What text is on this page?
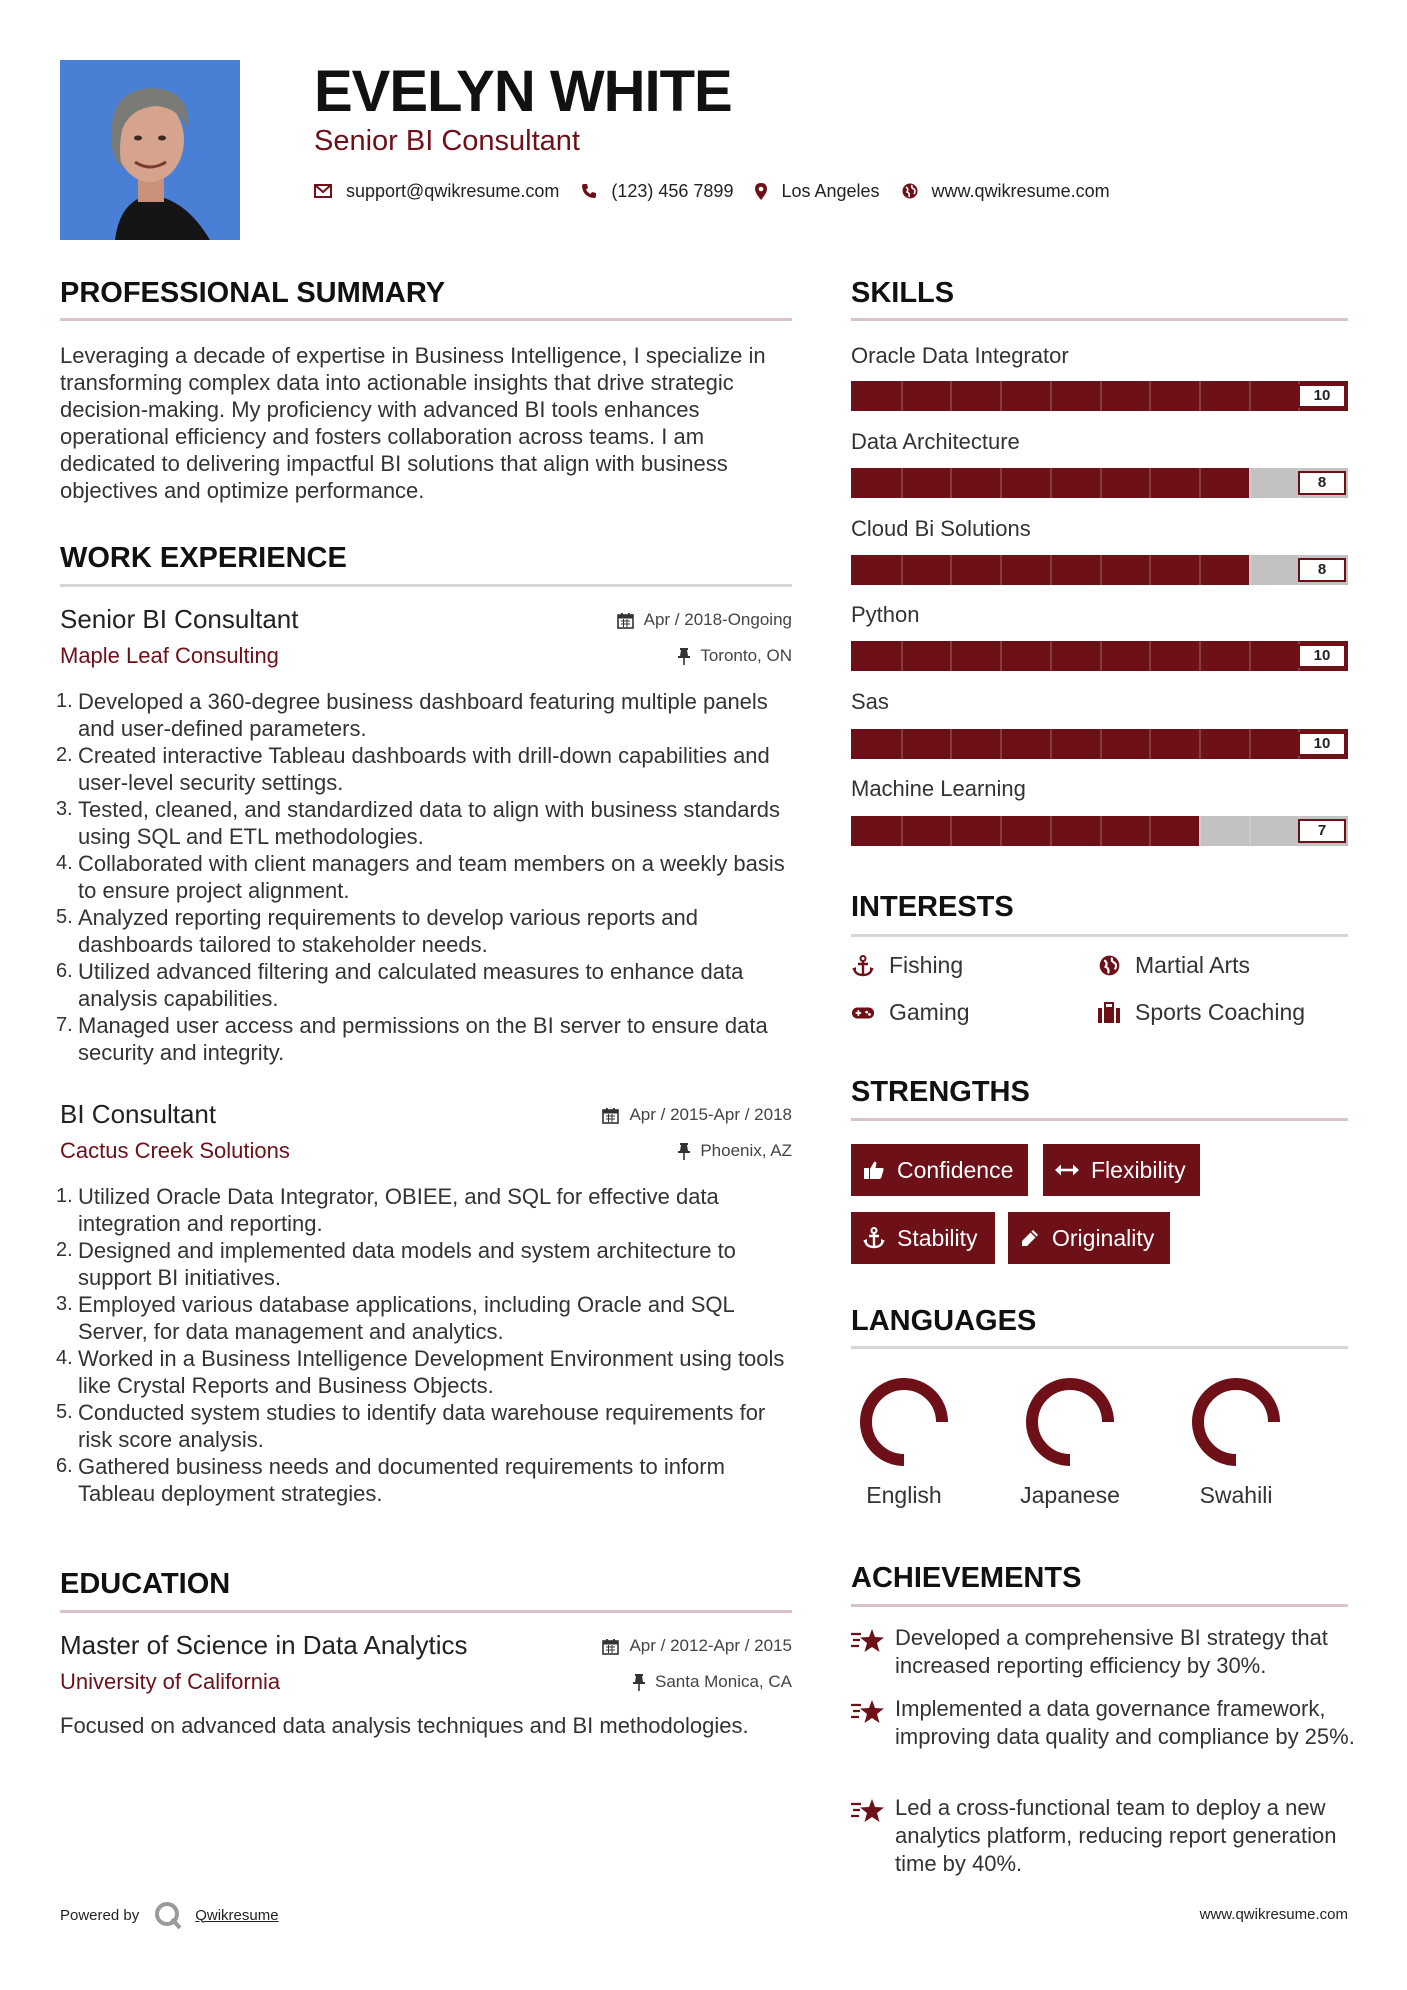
EVELYN WHITE
Senior BI Consultant
support@qwikresume.com	(123) 456 7899	Los Angeles	www.qwikresume.com
PROFESSIONAL SUMMARY
Leveraging a decade of expertise in Business Intelligence, I specialize in transforming complex data into actionable insights that drive strategic decision-making. My proficiency with advanced BI tools enhances operational efficiency and fosters collaboration across teams. I am dedicated to delivering impactful BI solutions that align with business objectives and optimize performance.
WORK EXPERIENCE
Senior BI Consultant
Maple Leaf Consulting
Apr / 2018-Ongoing
Toronto, ON
1. Developed a 360-degree business dashboard featuring multiple panels and user-defined parameters.
2. Created interactive Tableau dashboards with drill-down capabilities and user-level security settings.
3. Tested, cleaned, and standardized data to align with business standards using SQL and ETL methodologies.
4. Collaborated with client managers and team members on a weekly basis to ensure project alignment.
5. Analyzed reporting requirements to develop various reports and dashboards tailored to stakeholder needs.
6. Utilized advanced filtering and calculated measures to enhance data analysis capabilities.
7. Managed user access and permissions on the BI server to ensure data security and integrity.
BI Consultant
Cactus Creek Solutions
Apr / 2015-Apr / 2018
Phoenix, AZ
1. Utilized Oracle Data Integrator, OBIEE, and SQL for effective data integration and reporting.
2. Designed and implemented data models and system architecture to support BI initiatives.
3. Employed various database applications, including Oracle and SQL Server, for data management and analytics.
4. Worked in a Business Intelligence Development Environment using tools like Crystal Reports and Business Objects.
5. Conducted system studies to identify data warehouse requirements for risk score analysis.
6. Gathered business needs and documented requirements to inform Tableau deployment strategies.
EDUCATION
Master of Science in Data Analytics
University of California
Apr / 2012-Apr / 2015
Santa Monica, CA
Focused on advanced data analysis techniques and BI methodologies.
SKILLS
Oracle Data Integrator
10
Data Architecture
8
Cloud Bi Solutions
8
Python
10
Sas
10
Machine Learning
7
INTERESTS
Fishing	Martial Arts
Gaming	Sports Coaching
STRENGTHS
Confidence	Flexibility
Stability	Originality
LANGUAGES
English	Japanese	Swahili
ACHIEVEMENTS
Developed a comprehensive BI strategy that increased reporting efficiency by 30%.
Implemented a data governance framework, improving data quality and compliance by 25%.
Led a cross-functional team to deploy a new analytics platform, reducing report generation time by 40%.
Powered by	Qwikresume	www.qwikresume.com
